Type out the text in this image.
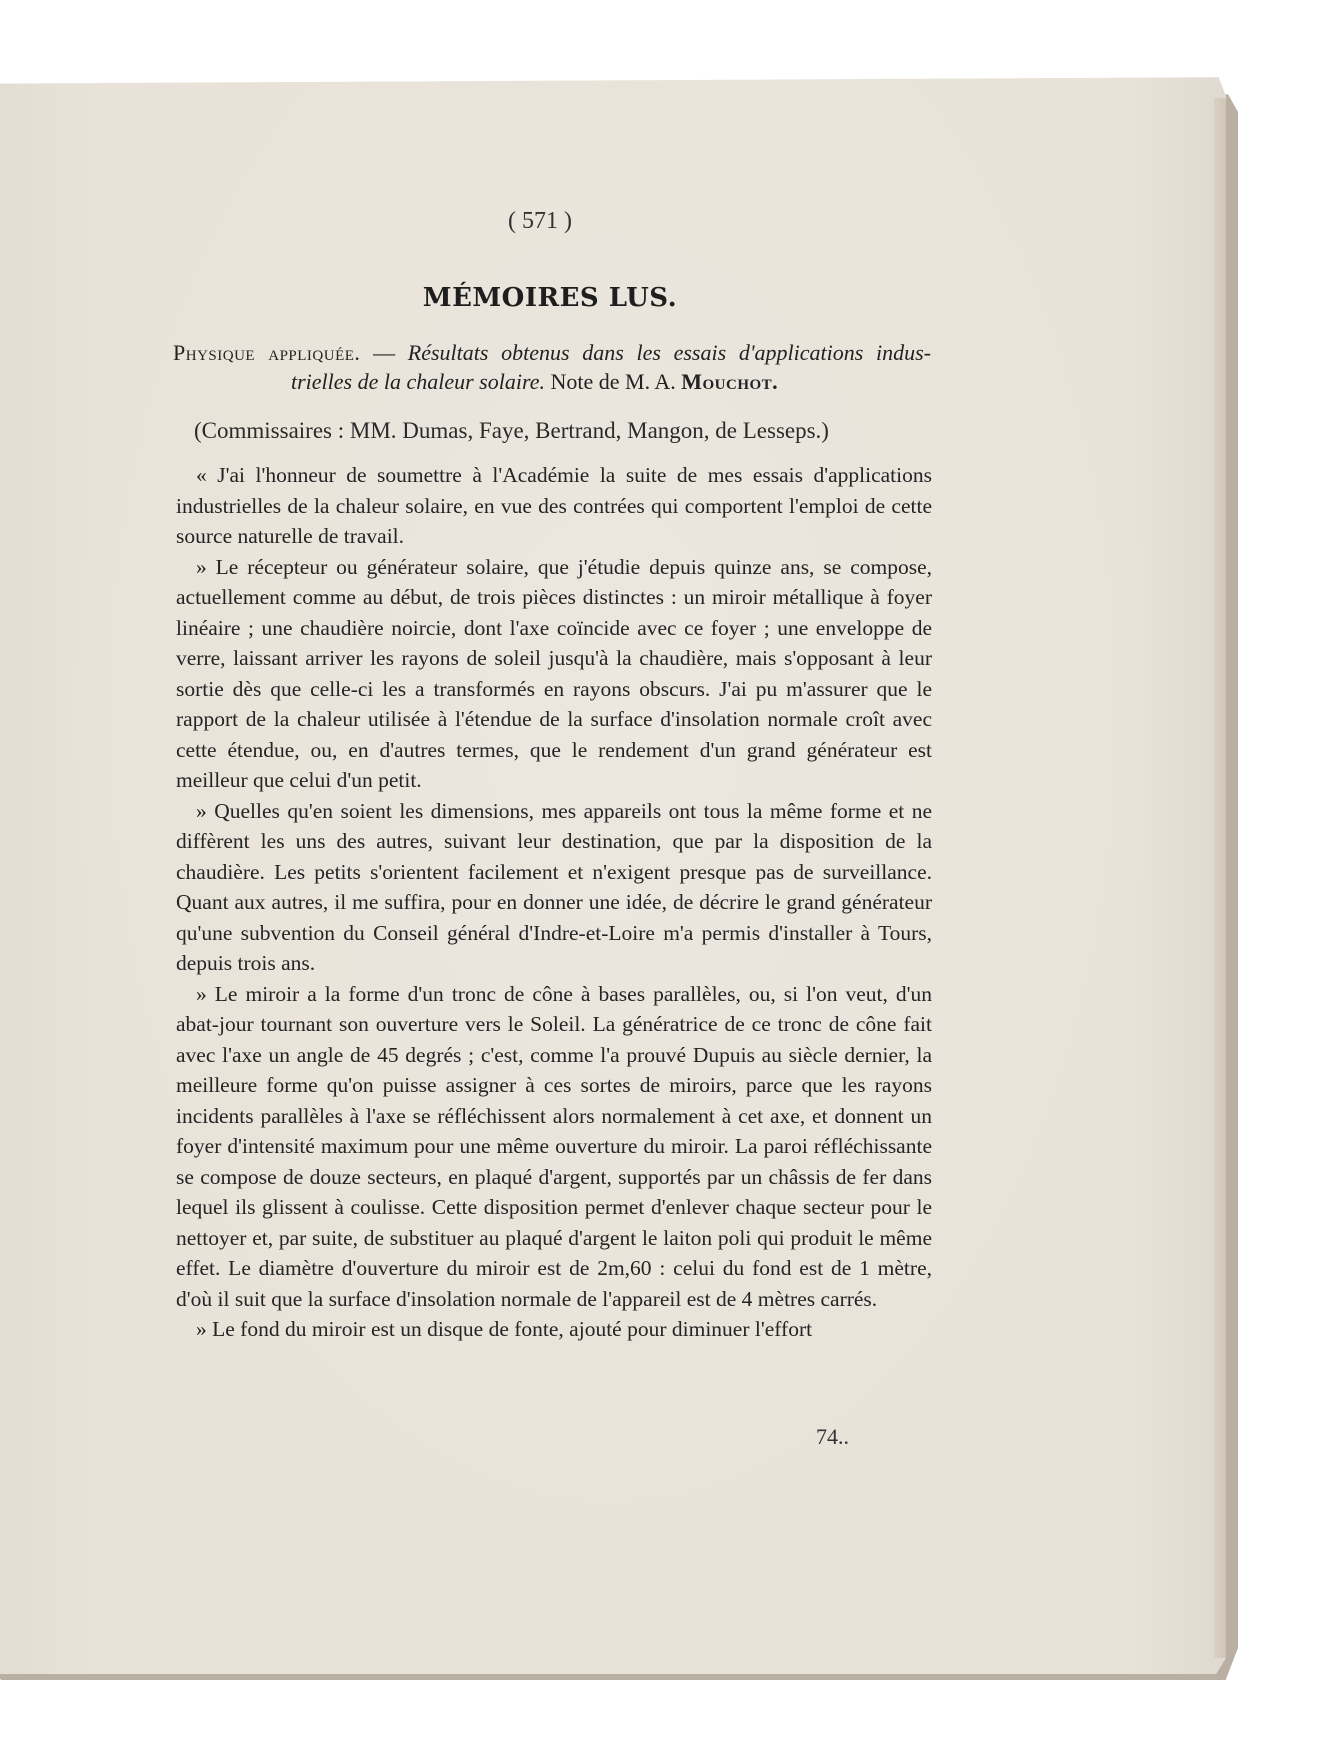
( 571 )
MÉMOIRES LUS.
Physique appliquée. — Résultats obtenus dans les essais d'applications indus-
trielles de la chaleur solaire. Note de M. A. Mouchot.
(Commissaires : MM. Dumas, Faye, Bertrand, Mangon, de Lesseps.)

« J'ai l'honneur de soumettre à l'Académie la suite de mes essais d'applications industrielles de la chaleur solaire, en vue des contrées qui comportent l'emploi de cette source naturelle de travail.

» Le récepteur ou générateur solaire, que j'étudie depuis quinze ans, se compose, actuellement comme au début, de trois pièces distinctes : un miroir métallique à foyer linéaire ; une chaudière noircie, dont l'axe coïncide avec ce foyer ; une enveloppe de verre, laissant arriver les rayons de soleil jusqu'à la chaudière, mais s'opposant à leur sortie dès que celle-ci les a transformés en rayons obscurs. J'ai pu m'assurer que le rapport de la chaleur utilisée à l'étendue de la surface d'insolation normale croît avec cette étendue, ou, en d'autres termes, que le rendement d'un grand générateur est meilleur que celui d'un petit.

» Quelles qu'en soient les dimensions, mes appareils ont tous la même forme et ne diffèrent les uns des autres, suivant leur destination, que par la disposition de la chaudière. Les petits s'orientent facilement et n'exigent presque pas de surveillance. Quant aux autres, il me suffira, pour en donner une idée, de décrire le grand générateur qu'une subvention du Conseil général d'Indre-et-Loire m'a permis d'installer à Tours, depuis trois ans.

» Le miroir a la forme d'un tronc de cône à bases parallèles, ou, si l'on veut, d'un abat-jour tournant son ouverture vers le Soleil. La génératrice de ce tronc de cône fait avec l'axe un angle de 45 degrés ; c'est, comme l'a prouvé Dupuis au siècle dernier, la meilleure forme qu'on puisse assigner à ces sortes de miroirs, parce que les rayons incidents parallèles à l'axe se réfléchissent alors normalement à cet axe, et donnent un foyer d'intensité maximum pour une même ouverture du miroir. La paroi réfléchissante se compose de douze secteurs, en plaqué d'argent, supportés par un châssis de fer dans lequel ils glissent à coulisse. Cette disposition permet d'enlever chaque secteur pour le nettoyer et, par suite, de substituer au plaqué d'argent le laiton poli qui produit le même effet. Le diamètre d'ouverture du miroir est de 2m,60 : celui du fond est de 1 mètre, d'où il suit que la surface d'insolation normale de l'appareil est de 4 mètres carrés.

» Le fond du miroir est un disque de fonte, ajouté pour diminuer l'effort

74..
